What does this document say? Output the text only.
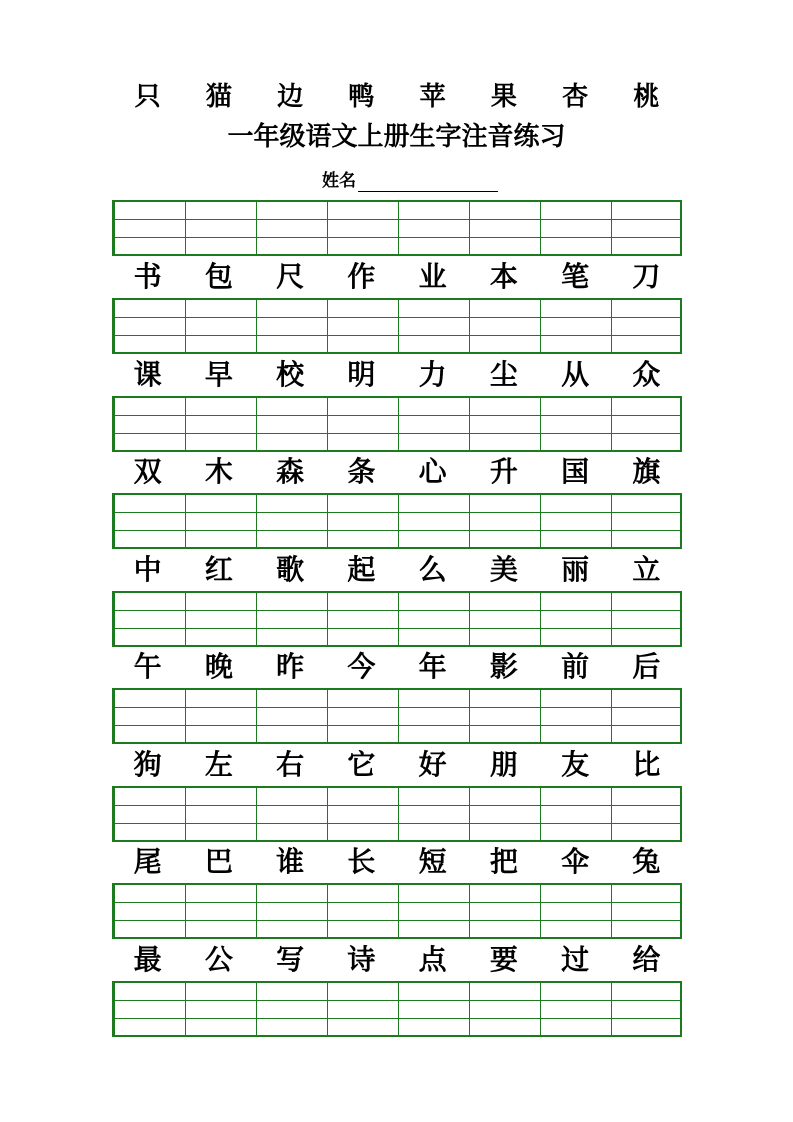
只	猫	边	鸭	苹	果	杏	桃
一年级语文上册生字注音练习
姓名
书	包	尺	作	业	本	笔	刀
课	早	校	明	力	尘	从	众
双	木	森	条	心	升	国	旗
中	红	歌	起	么	美	丽	立
午	晚	昨	今	年	影	前	后
狗	左	右	它	好	朋	友	比
尾	巴	谁	长	短	把	伞	兔
最	公	写	诗	点	要	过	给
